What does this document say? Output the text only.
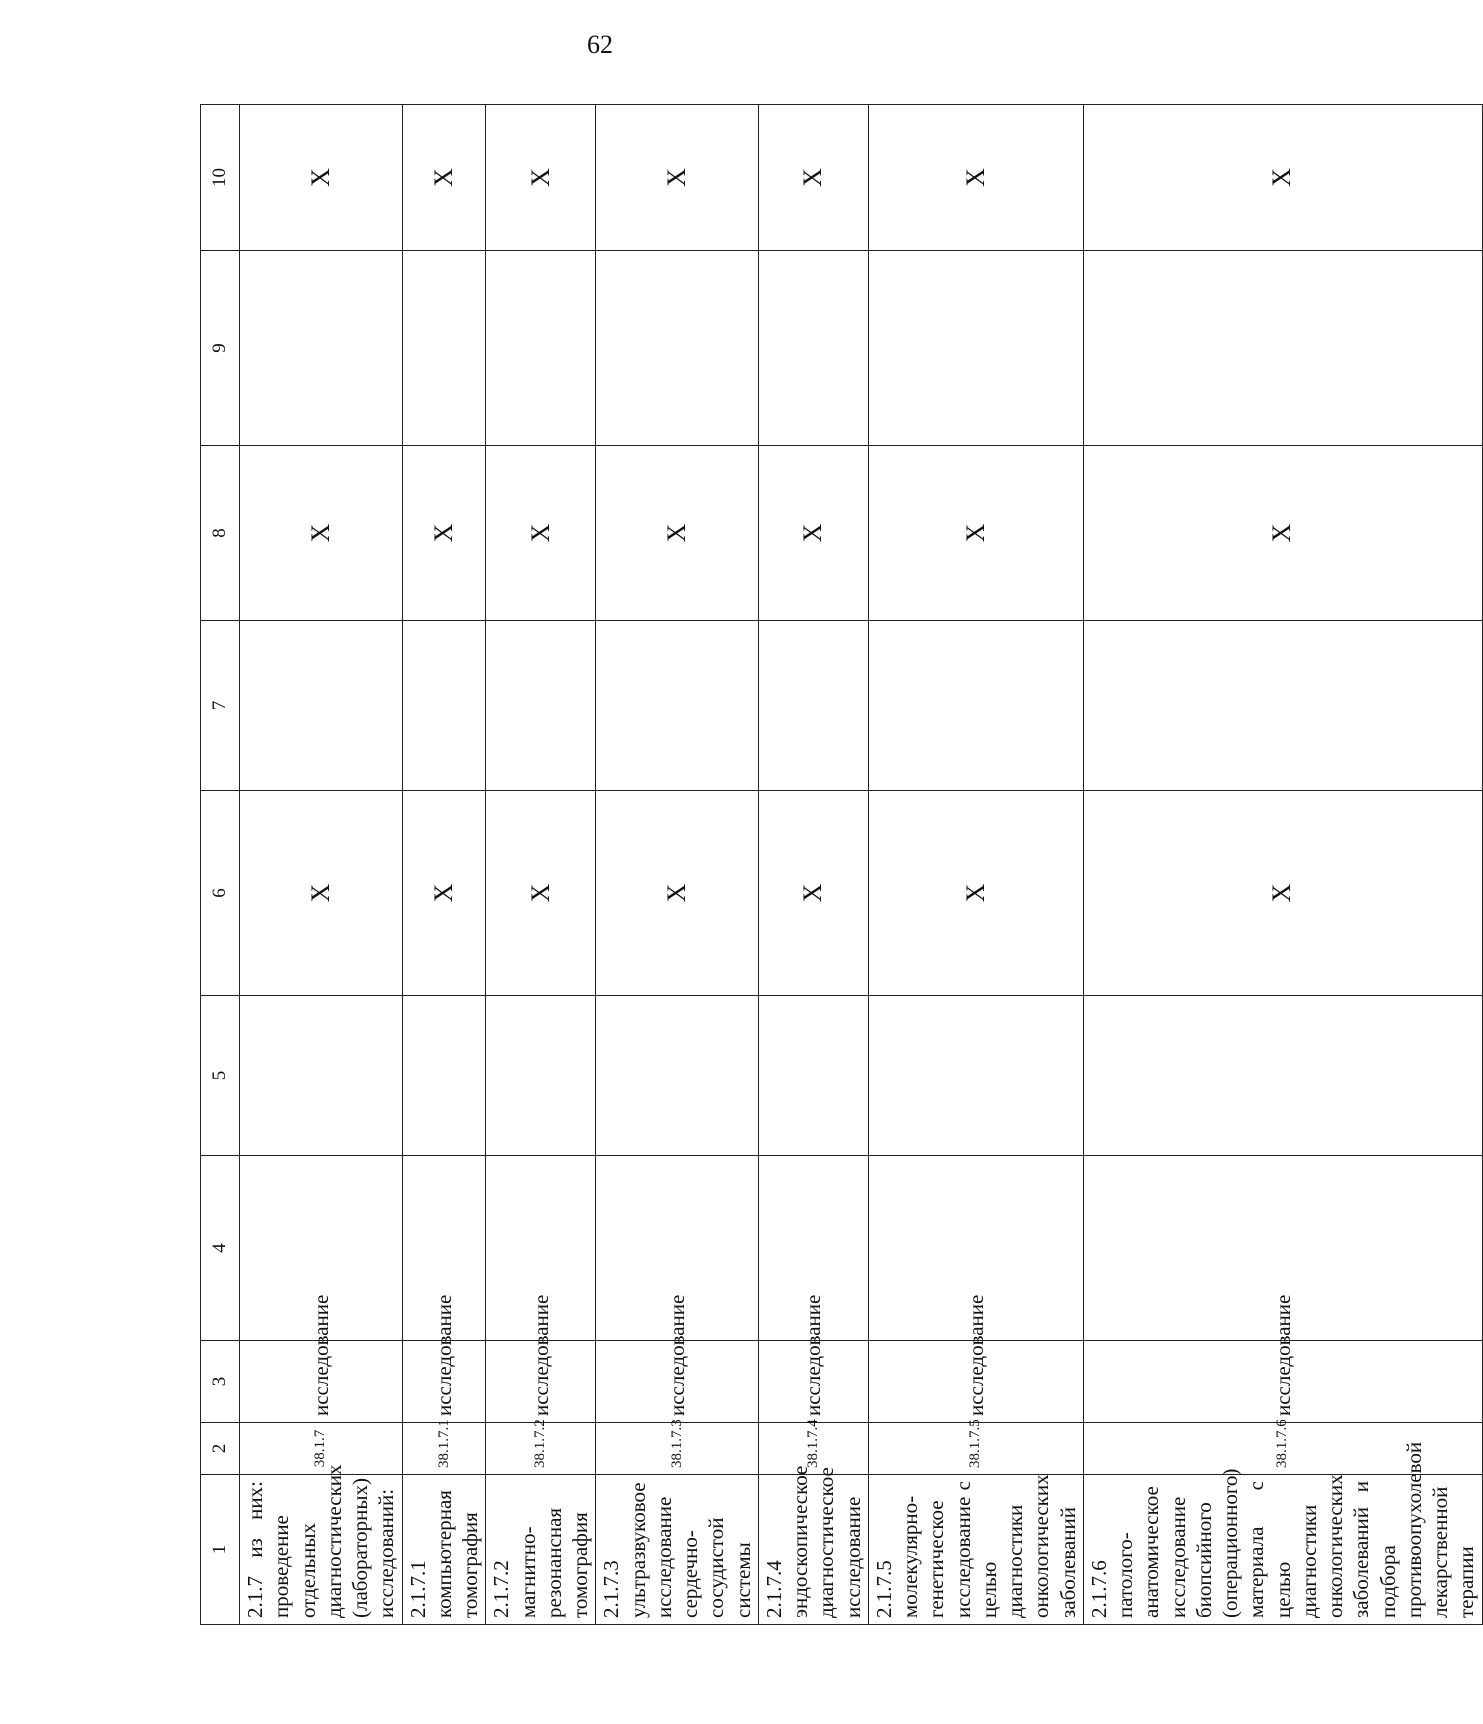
62
1	2	3	4	5	6	7	8	9	10
2.1.7 из них: проведение отдельных диагностических (лабораторных) исследований:	38.1.7	исследование			Х		Х		Х
2.1.7.1 компьютерная томография	38.1.7.1	исследование			Х		Х		Х
2.1.7.2 магнитно-резонансная томография	38.1.7.2	исследование			Х		Х		Х
2.1.7.3 ультразвуковое исследование сердечно-сосудистой системы	38.1.7.3	исследование			Х		Х		Х
2.1.7.4 эндоскопическое диагностическое исследование	38.1.7.4	исследование			Х		Х		Х
2.1.7.5 молекулярно-генетическое исследование с целью диагностики онкологических заболеваний	38.1.7.5	исследование			Х		Х		Х
2.1.7.6 патолого-анатомическое исследование биопсийного (операционного) материала с целью диагностики онкологических заболеваний и подбора противоопухолевой лекарственной терапии	38.1.7.6	исследование			Х		Х		Х
